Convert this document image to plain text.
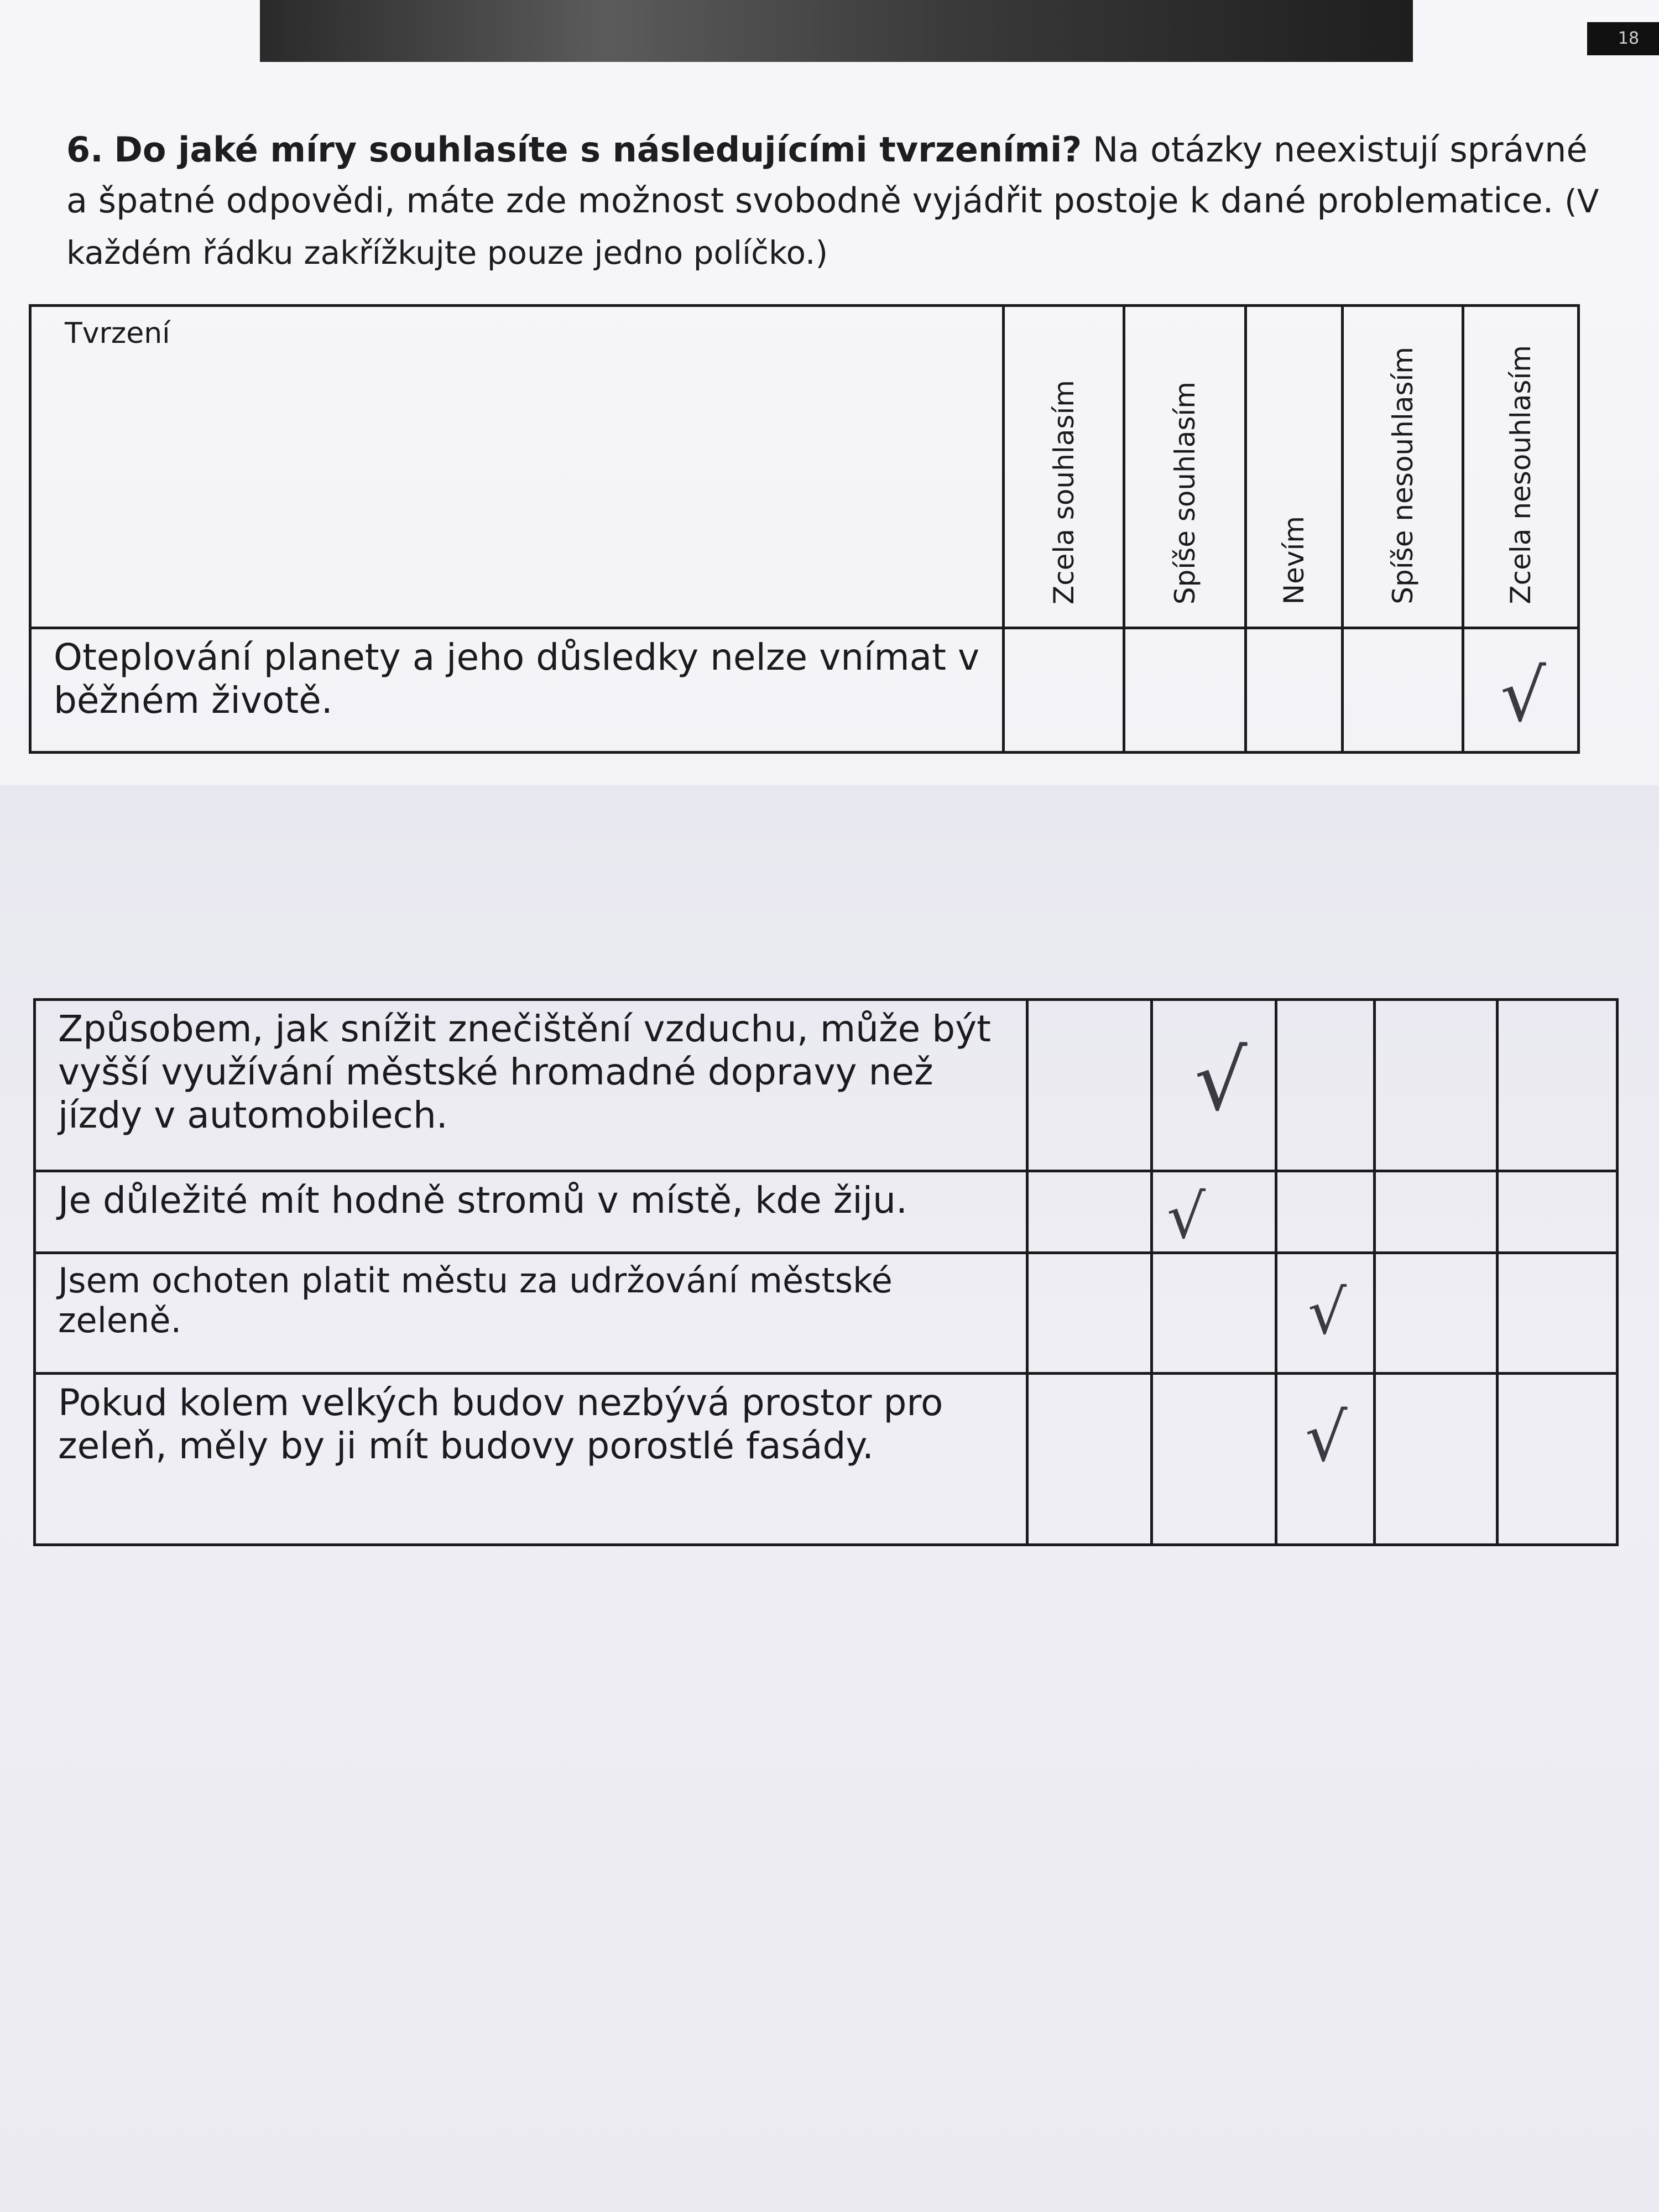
18
6. Do jaké míry souhlasíte s následujícími tvrzeními? Na otázky neexistují správné a špatné odpovědi, máte zde možnost svobodně vyjádřit postoje k dané problematice. (V každém řádku zakřížkujte pouze jedno políčko.)
Tvrzení	Zcela souhlasím	Spíše souhlasím	Nevím	Spíše nesouhlasím	Zcela nesouhlasím

Oteplování planety a jeho důsledky nelze vnímat v běžném životě.					√
Způsobem, jak snížit znečištění vzduchu, může být vyšší využívání městské hromadné dopravy než jízdy v automobilech.		√			

Je důležité mít hodně stromů v místě, kde žiju.		√			

Jsem ochoten platit městu za udržování městské zeleně.			√		

Pokud kolem velkých budov nezbývá prostor pro zeleň, měly by ji mít budovy porostlé fasády.			√		
